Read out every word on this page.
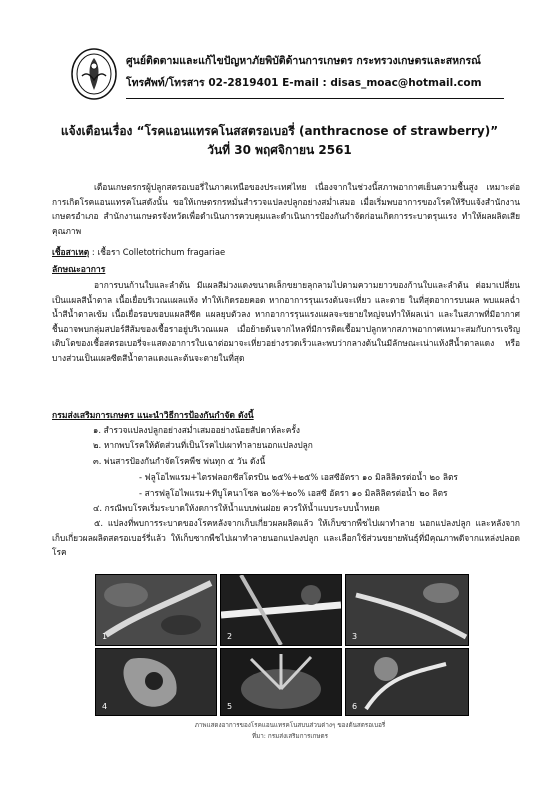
ศูนย์ติดตามและแก้ไขปัญหาภัยพิบัติด้านการเกษตร กระทรวงเกษตรและสหกรณ์
โทรศัพท์/โทรสาร 02-2819401 E-mail : disas_moac@hotmail.com
แจ้งเตือนเรื่อง “โรคแอนแทรคโนสสตรอเบอรี่ (anthracnose of strawberry)”
วันที่ 30 พฤศจิกายน 2561
เตือนเกษตรกรผู้ปลูกสตรอเบอรี่ในภาคเหนือของประเทศไทย เนื่องจากในช่วงนี้สภาพอากาศเย็นความชื้นสูง เหมาะต่อการเกิดโรคแอนแทรคโนสดังนั้น ขอให้เกษตรกรหมั่นสำรวจแปลงปลูกอย่างสม่ำเสมอ เมื่อเริ่มพบอาการของโรคให้รีบแจ้งสำนักงานเกษตรอำเภอ สำนักงานเกษตรจังหวัดเพื่อดำเนินการควบคุมและดำเนินการป้องกันกำจัดก่อนเกิดการระบาดรุนแรง ทำให้ผลผลิตเสียคุณภาพ
เชื้อสาเหตุ : เชื้อรา Colletotrichum fragariae
ลักษณะอาการ
อาการบนก้านใบและลำต้น มีแผลสีม่วงแดงขนาดเล็กขยายลุกลามไปตามความยาวของก้านใบและลำต้น ต่อมาเปลี่ยนเป็นแผลสีน้ำตาล เนื้อเยื่อบริเวณแผลแห้ง ทำให้เกิดรอยคอด หากอาการรุนแรงต้นจะเหี่ยว และตาย ในที่สุดอาการบนผล พบแผลฉ่ำน้ำสีน้ำตาลเข้ม เนื้อเยื่อรอบขอบแผลสีซีด แผลยุบตัวลง หากอาการรุนแรงแผลจะขยายใหญ่จนทำให้ผลเน่า และในสภาพที่มีอากาศชื้นอาจพบกลุ่มสปอร์สีส้มของเชื้อราอยู่บริเวณแผล เมื่อย้ายต้นจากไหลที่มีการติดเชื้อมาปลูกหากสภาพอากาศเหมาะสมกับการเจริญเติบโตของเชื้อสตรอเบอรี่จะแสดงอาการใบเฉาต่อมาจะเหี่ยวอย่างรวดเร็วและพบว่ากลางต้นในมีลักษณะเน่าแห้งสีน้ำตาลแดง หรือบางส่วนเป็นแผลซีดสีน้ำตาลแดงและต้นจะตายในที่สุด
กรมส่งเสริมการเกษตร แนะนำวิธีการป้องกันกำจัด ดังนี้
๑. สำรวจแปลงปลูกอย่างสม่ำเสมออย่างน้อยสัปดาห์ละครั้ง
๒. หากพบโรคให้ตัดส่วนที่เป็นโรคไปเผาทำลายนอกแปลงปลูก
๓. พ่นสารป้องกันกำจัดโรคพืช พ่นทุก ๕ วัน ดังนี้
- ฟลูโอไพแรม+ไตรฟลอกซีสโตรบิน ๒๕%+๒๕% เอสซีอัตรา ๑๐ มิลลิลิตรต่อน้ำ ๒๐ ลิตร
- สารฟลูโอไพแรม+ทีบูโคนาโซล ๒๐%+๒๐% เอสซี อัตรา ๑๐ มิลลิลิตรต่อน้ำ ๒๐ ลิตร
๔. กรณีพบโรคเริ่มระบาดให้งดการให้น้ำแบบพ่นฝอย ควรให้น้ำแบบระบบน้ำหยด
๕. แปลงที่พบการระบาดของโรคหลังจากเก็บเกี่ยวผลผลิตแล้ว ให้เก็บซากพืชไปเผาทำลาย นอกแปลงปลูก และหลังจากเก็บเกี่ยวผลผลิตสตรอเบอร์รี่แล้ว ให้เก็บซากพืชไปเผาทำลายนอกแปลงปลูก และเลือกใช้ส่วนขยายพันธุ์ที่มีคุณภาพดีจากแหล่งปลอดโรค
1	2	3
4	5	6
ภาพแสดงอาการของโรคแอนแทรคโนสบนส่วนต่างๆ ของต้นสตรอเบอรี่
ที่มา: กรมส่งเสริมการเกษตร
